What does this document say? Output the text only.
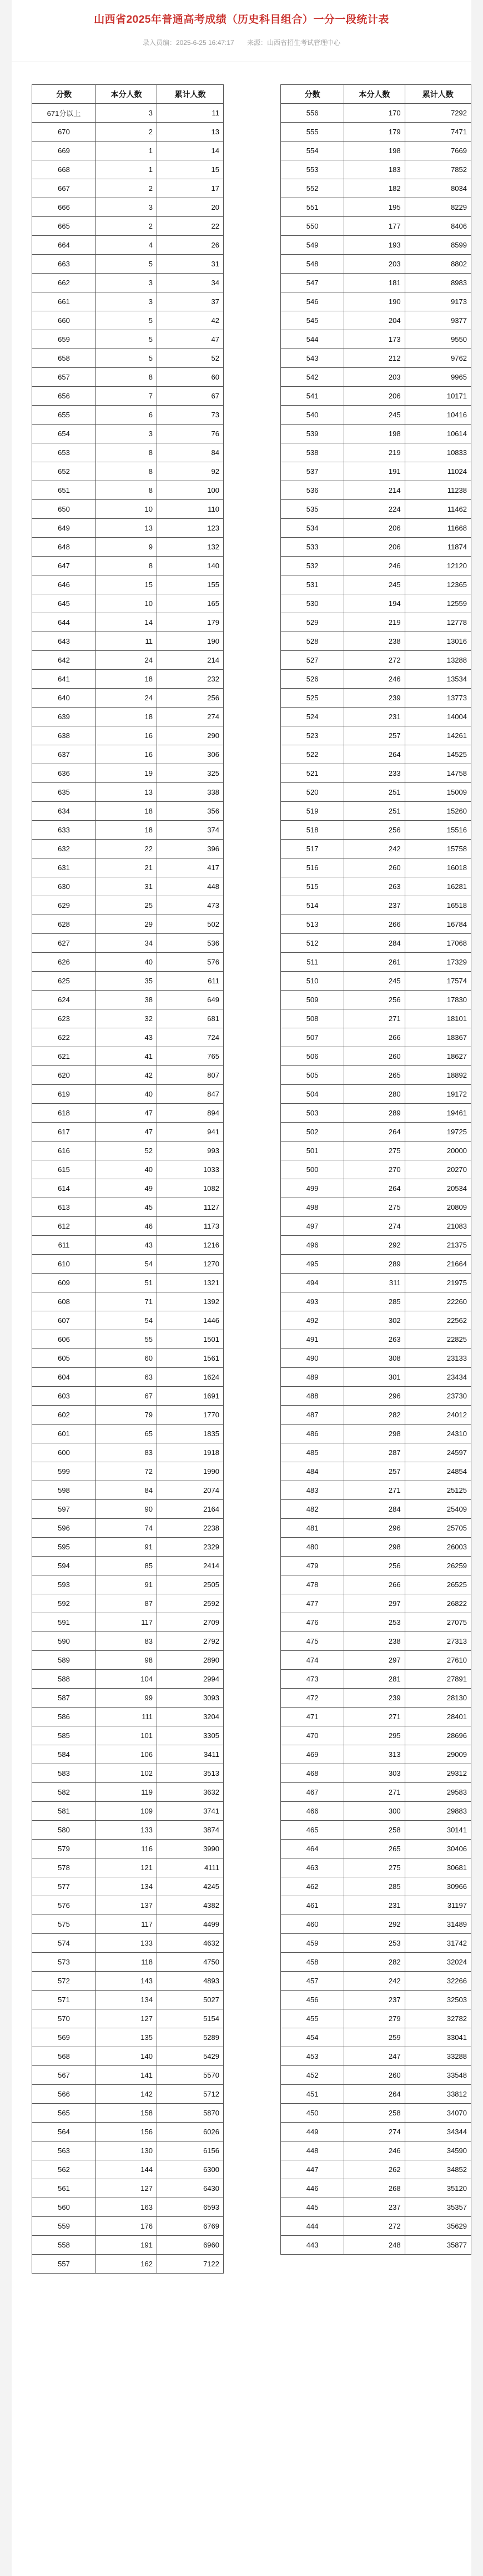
山西省2025年普通高考成绩（历史科目组合）一分一段统计表
录入员编：2025-6-25 16:47:17 来源：山西省招生考试管理中心
分数	本分人数	累计人数
671分以上	3	11
670	2	13
669	1	14
668	1	15
667	2	17
666	3	20
665	2	22
664	4	26
663	5	31
662	3	34
661	3	37
660	5	42
659	5	47
658	5	52
657	8	60
656	7	67
655	6	73
654	3	76
653	8	84
652	8	92
651	8	100
650	10	110
649	13	123
648	9	132
647	8	140
646	15	155
645	10	165
644	14	179
643	11	190
642	24	214
641	18	232
640	24	256
639	18	274
638	16	290
637	16	306
636	19	325
635	13	338
634	18	356
633	18	374
632	22	396
631	21	417
630	31	448
629	25	473
628	29	502
627	34	536
626	40	576
625	35	611
624	38	649
623	32	681
622	43	724
621	41	765
620	42	807
619	40	847
618	47	894
617	47	941
616	52	993
615	40	1033
614	49	1082
613	45	1127
612	46	1173
611	43	1216
610	54	1270
609	51	1321
608	71	1392
607	54	1446
606	55	1501
605	60	1561
604	63	1624
603	67	1691
602	79	1770
601	65	1835
600	83	1918
599	72	1990
598	84	2074
597	90	2164
596	74	2238
595	91	2329
594	85	2414
593	91	2505
592	87	2592
591	117	2709
590	83	2792
589	98	2890
588	104	2994
587	99	3093
586	111	3204
585	101	3305
584	106	3411
583	102	3513
582	119	3632
581	109	3741
580	133	3874
579	116	3990
578	121	4111
577	134	4245
576	137	4382
575	117	4499
574	133	4632
573	118	4750
572	143	4893
571	134	5027
570	127	5154
569	135	5289
568	140	5429
567	141	5570
566	142	5712
565	158	5870
564	156	6026
563	130	6156
562	144	6300
561	127	6430
560	163	6593
559	176	6769
558	191	6960
557	162	7122
分数	本分人数	累计人数
556	170	7292
555	179	7471
554	198	7669
553	183	7852
552	182	8034
551	195	8229
550	177	8406
549	193	8599
548	203	8802
547	181	8983
546	190	9173
545	204	9377
544	173	9550
543	212	9762
542	203	9965
541	206	10171
540	245	10416
539	198	10614
538	219	10833
537	191	11024
536	214	11238
535	224	11462
534	206	11668
533	206	11874
532	246	12120
531	245	12365
530	194	12559
529	219	12778
528	238	13016
527	272	13288
526	246	13534
525	239	13773
524	231	14004
523	257	14261
522	264	14525
521	233	14758
520	251	15009
519	251	15260
518	256	15516
517	242	15758
516	260	16018
515	263	16281
514	237	16518
513	266	16784
512	284	17068
511	261	17329
510	245	17574
509	256	17830
508	271	18101
507	266	18367
506	260	18627
505	265	18892
504	280	19172
503	289	19461
502	264	19725
501	275	20000
500	270	20270
499	264	20534
498	275	20809
497	274	21083
496	292	21375
495	289	21664
494	311	21975
493	285	22260
492	302	22562
491	263	22825
490	308	23133
489	301	23434
488	296	23730
487	282	24012
486	298	24310
485	287	24597
484	257	24854
483	271	25125
482	284	25409
481	296	25705
480	298	26003
479	256	26259
478	266	26525
477	297	26822
476	253	27075
475	238	27313
474	297	27610
473	281	27891
472	239	28130
471	271	28401
470	295	28696
469	313	29009
468	303	29312
467	271	29583
466	300	29883
465	258	30141
464	265	30406
463	275	30681
462	285	30966
461	231	31197
460	292	31489
459	253	31742
458	282	32024
457	242	32266
456	237	32503
455	279	32782
454	259	33041
453	247	33288
452	260	33548
451	264	33812
450	258	34070
449	274	34344
448	246	34590
447	262	34852
446	268	35120
445	237	35357
444	272	35629
443	248	35877
